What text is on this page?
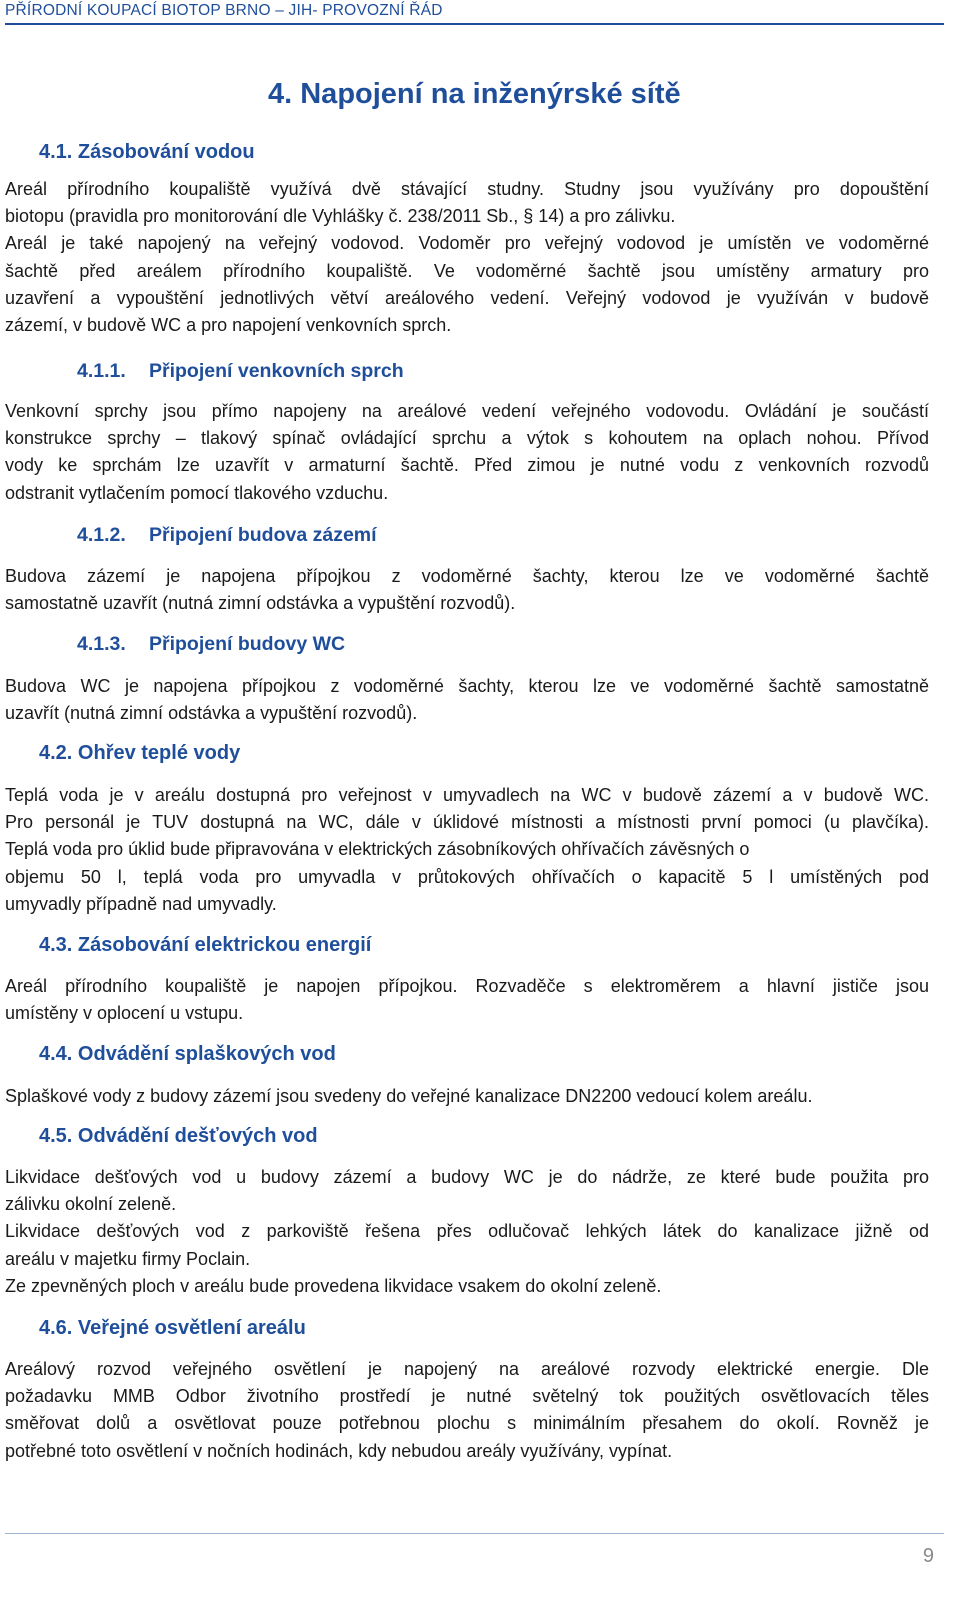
PŘÍRODNÍ KOUPACÍ BIOTOP BRNO – JIH- PROVOZNÍ ŘÁD
4. Napojení na inženýrské sítě
4.1. Zásobování vodou
Areál přírodního koupaliště využívá dvě stávající studny. Studny jsou využívány pro dopouštění
biotopu (pravidla pro monitorování dle Vyhlášky č. 238/2011 Sb., § 14) a pro zálivku.
Areál je také napojený na veřejný vodovod. Vodoměr pro veřejný vodovod je umístěn ve vodoměrné
šachtě před areálem přírodního koupaliště. Ve vodoměrné šachtě jsou umístěny armatury pro
uzavření a vypouštění jednotlivých větví areálového vedení. Veřejný vodovod je využíván v budově
zázemí, v budově WC a pro napojení venkovních sprch.
4.1.1. Připojení venkovních sprch
Venkovní sprchy jsou přímo napojeny na areálové vedení veřejného vodovodu. Ovládání je součástí
konstrukce sprchy – tlakový spínač ovládající sprchu a výtok s kohoutem na oplach nohou. Přívod
vody ke sprchám lze uzavřít v armaturní šachtě. Před zimou je nutné vodu z venkovních rozvodů
odstranit vytlačením pomocí tlakového vzduchu.
4.1.2. Připojení budova zázemí
Budova zázemí je napojena přípojkou z vodoměrné šachty, kterou lze ve vodoměrné šachtě
samostatně uzavřít (nutná zimní odstávka a vypuštění rozvodů).
4.1.3. Připojení budovy WC
Budova WC je napojena přípojkou z vodoměrné šachty, kterou lze ve vodoměrné šachtě samostatně
uzavřít (nutná zimní odstávka a vypuštění rozvodů).
4.2. Ohřev teplé vody
Teplá voda je v areálu dostupná pro veřejnost v umyvadlech na WC v budově zázemí a v budově WC.
Pro personál je TUV dostupná na WC, dále v úklidové místnosti a místnosti první pomoci (u plavčíka).
Teplá voda pro úklid bude připravována v elektrických zásobníkových ohřívačích závěsných o
objemu 50 l, teplá voda pro umyvadla v průtokových ohřívačích o kapacitě 5 l umístěných pod
umyvadly případně nad umyvadly.
4.3. Zásobování elektrickou energií
Areál přírodního koupaliště je napojen přípojkou. Rozvaděče s elektroměrem a hlavní jističe jsou
umístěny v oplocení u vstupu.
4.4. Odvádění splaškových vod
Splaškové vody z budovy zázemí jsou svedeny do veřejné kanalizace DN2200 vedoucí kolem areálu.
4.5. Odvádění dešťových vod
Likvidace dešťových vod u budovy zázemí a budovy WC je do nádrže, ze které bude použita pro
zálivku okolní zeleně.
Likvidace dešťových vod z parkoviště řešena přes odlučovač lehkých látek do kanalizace jižně od
areálu v majetku firmy Poclain.
Ze zpevněných ploch v areálu bude provedena likvidace vsakem do okolní zeleně.
4.6. Veřejné osvětlení areálu
Areálový rozvod veřejného osvětlení je napojený na areálové rozvody elektrické energie. Dle
požadavku MMB Odbor životního prostředí je nutné světelný tok použitých osvětlovacích těles
směřovat dolů a osvětlovat pouze potřebnou plochu s minimálním přesahem do okolí. Rovněž je
potřebné toto osvětlení v nočních hodinách, kdy nebudou areály využívány, vypínat.
9
